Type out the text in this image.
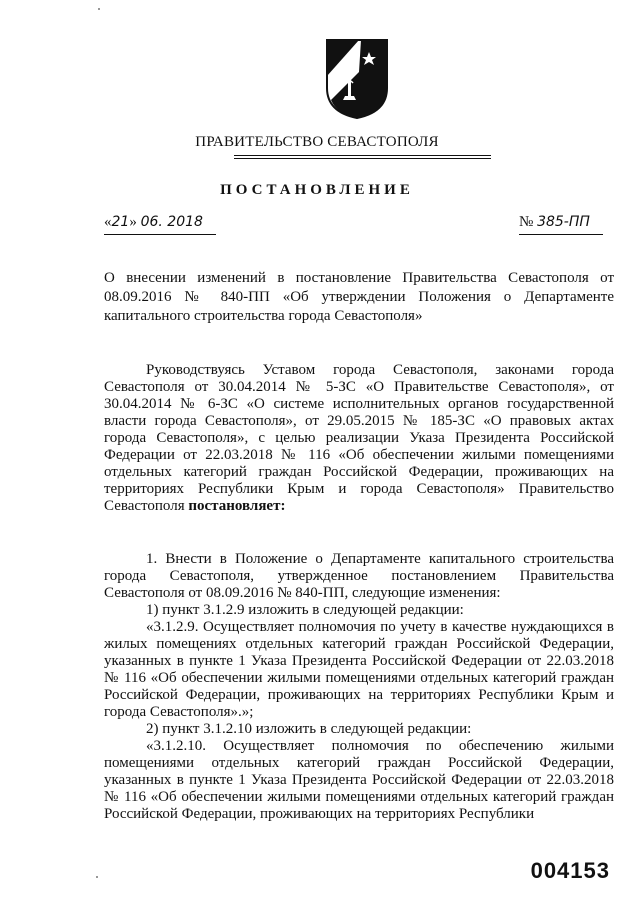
ПРАВИТЕЛЬСТВО СЕВАСТОПОЛЯ
ПОСТАНОВЛЕНИЕ
«21» 06. 2018	№ 385-ПП
О внесении изменений в постановление Правительства Севастополя от 08.09.2016 № 840-ПП «Об утверждении Положения о Департаменте капитального строительства города Севастополя»

Руководствуясь Уставом города Севастополя, законами города Севастополя от 30.04.2014 № 5-ЗС «О Правительстве Севастополя», от 30.04.2014 № 6-ЗС «О системе исполнительных органов государственной власти города Севастополя», от 29.05.2015 № 185-ЗС «О правовых актах города Севастополя», с целью реализации Указа Президента Российской Федерации от 22.03.2018 № 116 «Об обеспечении жилыми помещениями отдельных категорий граждан Российской Федерации, проживающих на территориях Республики Крым и города Севастополя» Правительство Севастополя постановляет:

1. Внести в Положение о Департаменте капитального строительства города Севастополя, утвержденное постановлением Правительства Севастополя от 08.09.2016 № 840-ПП, следующие изменения:

1) пункт 3.1.2.9 изложить в следующей редакции:

«3.1.2.9. Осуществляет полномочия по учету в качестве нуждающихся в жилых помещениях отдельных категорий граждан Российской Федерации, указанных в пункте 1 Указа Президента Российской Федерации от 22.03.2018 № 116 «Об обеспечении жилыми помещениями отдельных категорий граждан Российской Федерации, проживающих на территориях Республики Крым и города Севастополя».»;

2) пункт 3.1.2.10 изложить в следующей редакции:

«3.1.2.10. Осуществляет полномочия по обеспечению жилыми помещениями отдельных категорий граждан Российской Федерации, указанных в пункте 1 Указа Президента Российской Федерации от 22.03.2018 № 116 «Об обеспечении жилыми помещениями отдельных категорий граждан Российской Федерации, проживающих на территориях Республики

004153
